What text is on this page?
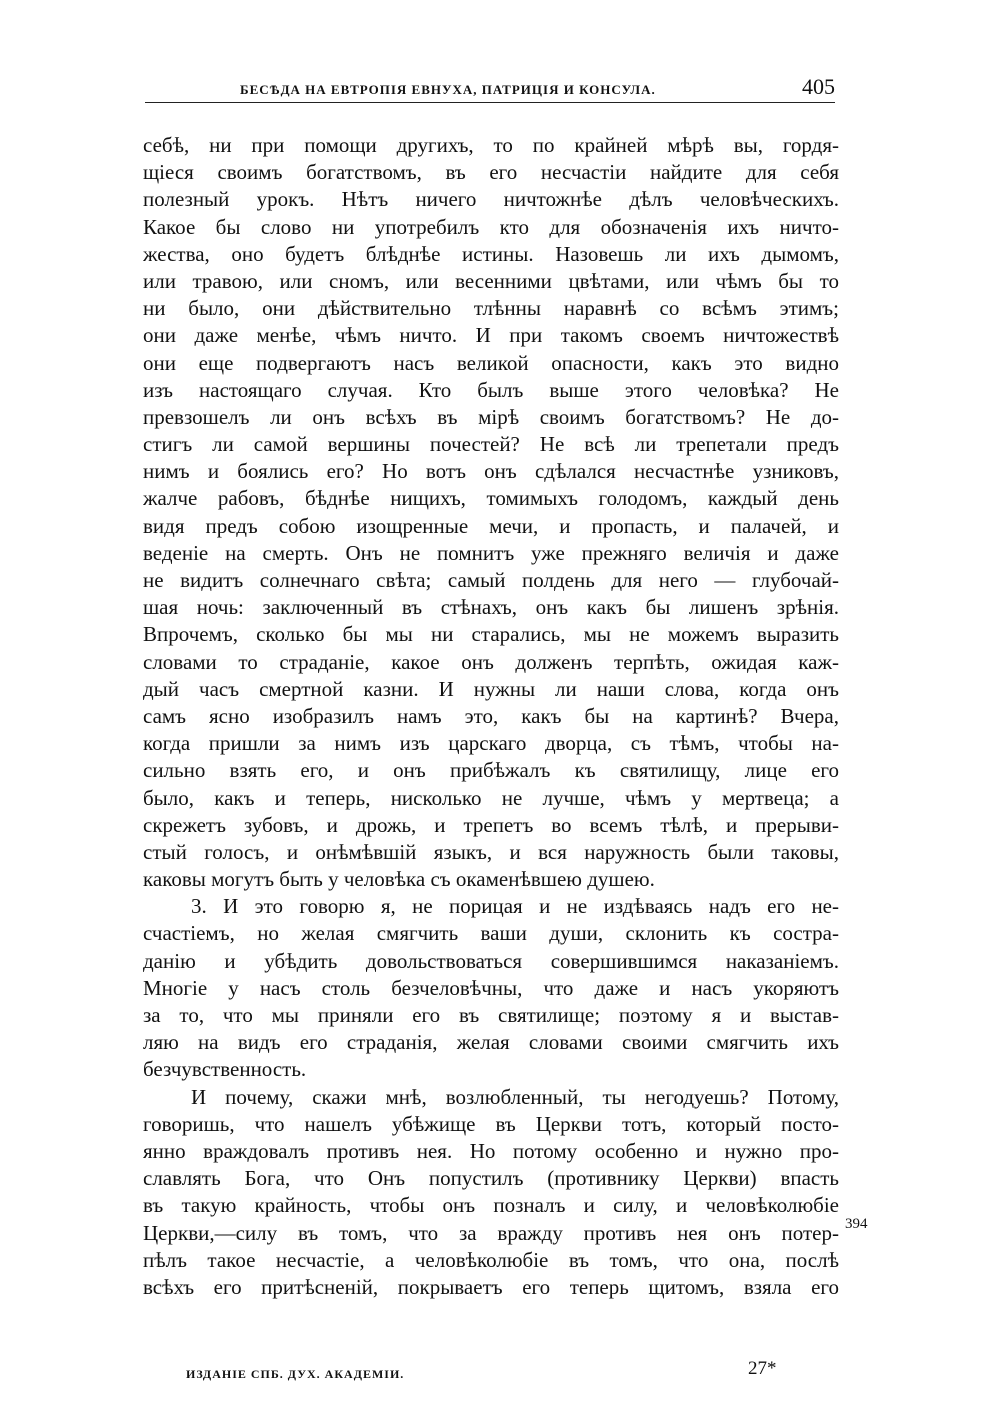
БЕСѢДА НА ЕВТРОПІЯ ЕВНУХА, ПАТРИЦІЯ И КОНСУЛА.	405
себѣ, ни при помощи другихъ, то по крайней мѣрѣ вы, гордя-
щіеся своимъ богатствомъ, въ его несчастіи найдите для себя
полезный урокъ. Нѣтъ ничего ничтожнѣе дѣлъ человѣческихъ.
Какое бы слово ни употребилъ кто для обозначенія ихъ ничто-
жества, оно будетъ блѣднѣе истины. Назовешь ли ихъ дымомъ,
или травою, или сномъ, или весенними цвѣтами, или чѣмъ бы то
ни было, они дѣйствительно тлѣнны наравнѣ со всѣмъ этимъ;
они даже менѣе, чѣмъ ничто. И при такомъ своемъ ничтожествѣ
они еще подвергаютъ насъ великой опасности, какъ это видно
изъ настоящаго случая. Кто былъ выше этого человѣка? Не
превзошелъ ли онъ всѣхъ въ мірѣ своимъ богатствомъ? Не до-
стигъ ли самой вершины почестей? Не всѣ ли трепетали предъ
нимъ и боялись его? Но вотъ онъ сдѣлался несчастнѣе узниковъ,
жалче рабовъ, бѣднѣе нищихъ, томимыхъ голодомъ, каждый день
видя предъ собою изощренные мечи, и пропасть, и палачей, и
веденіе на смерть. Онъ не помнитъ уже прежняго величія и даже
не видитъ солнечнаго свѣта; самый полдень для него — глубочай-
шая ночь: заключенный въ стѣнахъ, онъ какъ бы лишенъ зрѣнія.
Впрочемъ, сколько бы мы ни старались, мы не можемъ выразить
словами то страданіе, какое онъ долженъ терпѣть, ожидая каж-
дый часъ смертной казни. И нужны ли наши слова, когда онъ
самъ ясно изобразилъ намъ это, какъ бы на картинѣ? Вчера,
когда пришли за нимъ изъ царскаго дворца, съ тѣмъ, чтобы на-
сильно взять его, и онъ прибѣжалъ къ святилищу, лице его
было, какъ и теперь, нисколько не лучше, чѣмъ у мертвеца; а
скрежетъ зубовъ, и дрожь, и трепетъ во всемъ тѣлѣ, и прерыви-
стый голосъ, и онѣмѣвшій языкъ, и вся наружность были таковы,
каковы могутъ быть у человѣка съ окаменѣвшею душею.
3. И это говорю я, не порицая и не издѣваясь надъ его не-
счастіемъ, но желая смягчить ваши души, склонить къ состра-
данію и убѣдить довольствоваться совершившимся наказаніемъ.
Многіе у насъ столь безчеловѣчны, что даже и насъ укоряютъ
за то, что мы приняли его въ святилище; поэтому я и выстав-
ляю на видъ его страданія, желая словами своими смягчить ихъ
безчувственность.
И почему, скажи мнѣ, возлюбленный, ты негодуешь? Потому,
говоришь, что нашелъ убѣжище въ Церкви тотъ, который посто-
янно враждовалъ противъ нея. Но потому особенно и нужно про-
славлять Бога, что Онъ попустилъ (противнику Церкви) впасть
въ такую крайность, чтобы онъ позналъ и силу, и человѣколюбіе
Церкви,—силу въ томъ, что за вражду противъ нея онъ потер-
пѣлъ такое несчастіе, а человѣколюбіе въ томъ, что она, послѣ
всѣхъ его притѣсненій, покрываетъ его теперь щитомъ, взяла его
394
ИЗДАНІЕ СПБ. ДУХ. АКАДЕМІИ.	27*
